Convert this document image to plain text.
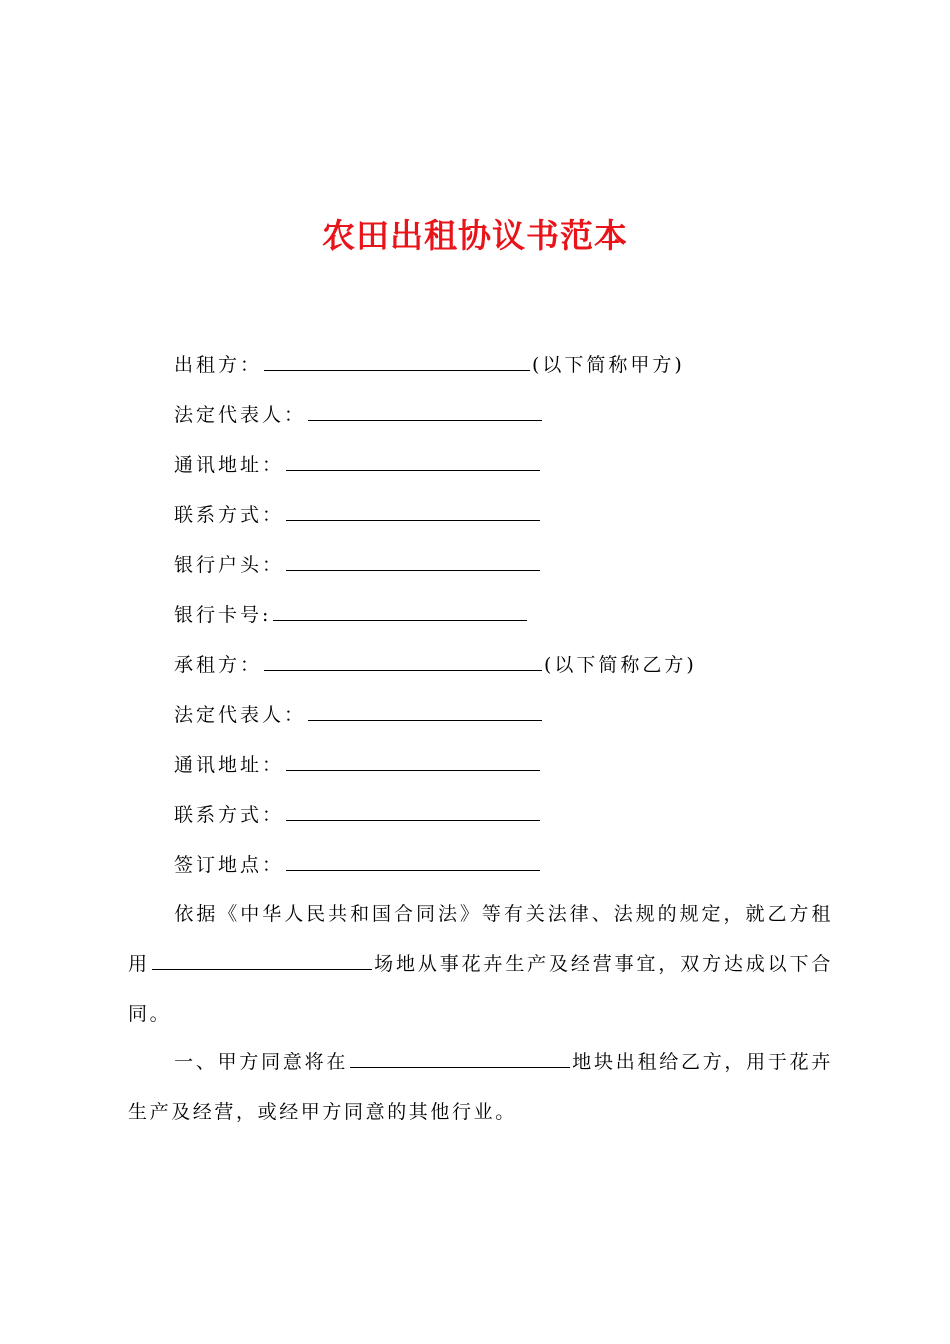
农田出租协议书范本
出租方：	(以下简称甲方)
法定代表人：
通讯地址：
联系方式：
银行户头：
银行卡号:
承租方：	(以下简称乙方)
法定代表人：
通讯地址：
联系方式：
签订地点：
依据《中华人民共和国合同法》等有关法律、法规的规定，就乙方租用	场地从事花卉生产及经营事宜，双方达成以下合同。
一、甲方同意将在	地块出租给乙方，用于花卉生产及经营，或经甲方同意的其他行业。
